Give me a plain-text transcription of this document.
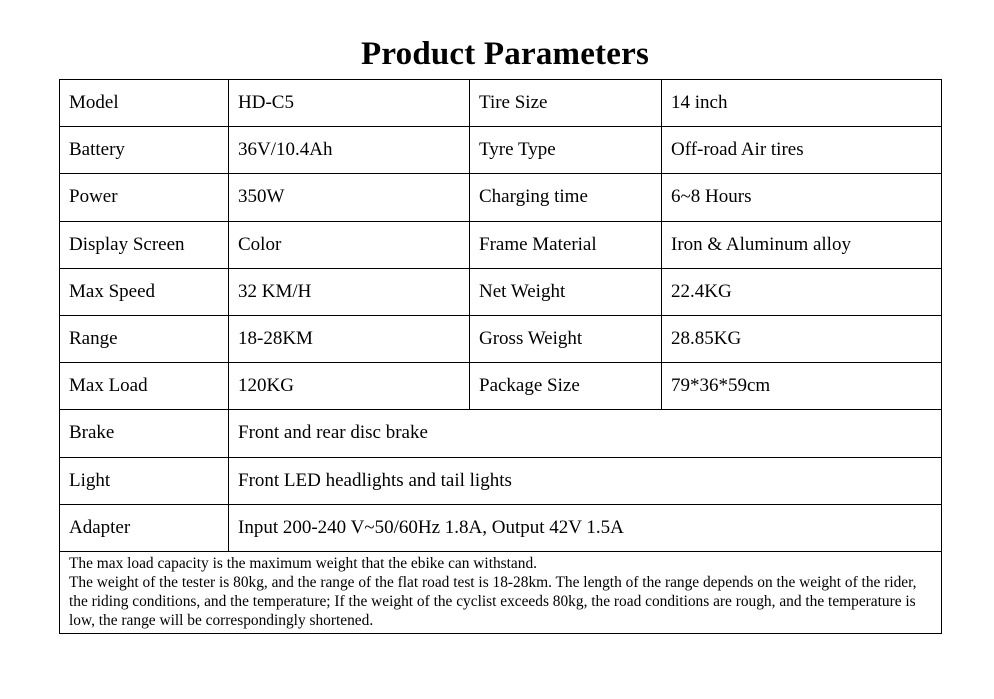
Product Parameters
Model	HD-C5	Tire Size	14 inch
Battery	36V/10.4Ah	Tyre Type	Off-road Air tires
Power	350W	Charging time	6~8 Hours
Display Screen	Color	Frame Material	Iron & Aluminum alloy
Max Speed	32 KM/H	Net Weight	22.4KG
Range	18-28KM	Gross Weight	28.85KG
Max Load	120KG	Package Size	79*36*59cm
Brake	Front and rear disc brake		
Light	Front LED headlights and tail lights		
Adapter	Input 200-240 V~50/60Hz 1.8A, Output 42V 1.5A		

The max load capacity is the maximum weight that the ebike can withstand.
The weight of the tester is 80kg, and the range of the flat road test is 18-28km. The length of the range depends on the weight of the rider, the riding conditions, and the temperature; If the weight of the cyclist exceeds 80kg, the road conditions are rough, and the temperature is low, the range will be correspondingly shortened.			
